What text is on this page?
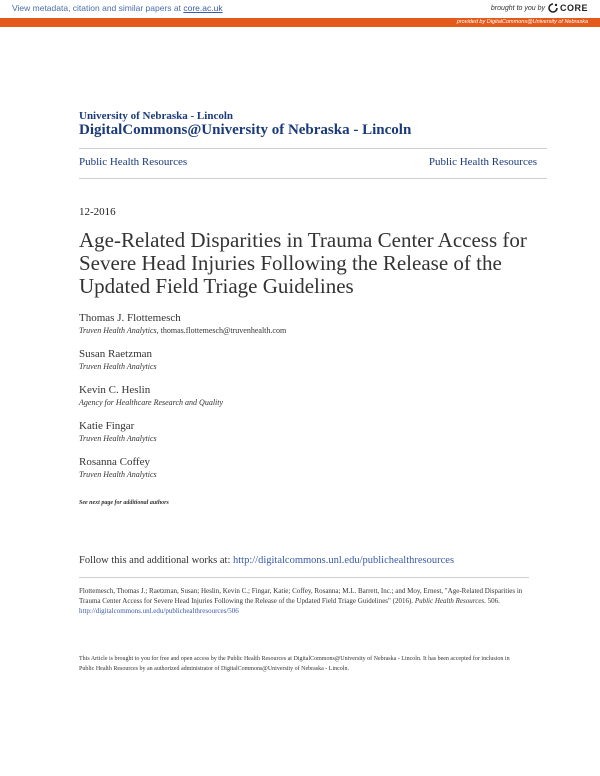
View metadata, citation and similar papers at core.ac.uk	brought to you by CORE
provided by DigitalCommons@University of Nebraska
University of Nebraska - Lincoln
DigitalCommons@University of Nebraska - Lincoln
Public Health Resources	Public Health Resources
12-2016
Age-Related Disparities in Trauma Center Access for Severe Head Injuries Following the Release of the Updated Field Triage Guidelines
Thomas J. Flottemesch
Truven Health Analytics, thomas.flottemesch@truvenhealth.com
Susan Raetzman
Truven Health Analytics
Kevin C. Heslin
Agency for Healthcare Research and Quality
Katie Fingar
Truven Health Analytics
Rosanna Coffey
Truven Health Analytics
See next page for additional authors
Follow this and additional works at: http://digitalcommons.unl.edu/publichealthresources
Flottemesch, Thomas J.; Raetzman, Susan; Heslin, Kevin C.; Fingar, Katie; Coffey, Rosanna; M.L. Barrett, Inc.; and Moy, Ernest, "Age-Related Disparities in Trauma Center Access for Severe Head Injuries Following the Release of the Updated Field Triage Guidelines" (2016). Public Health Resources. 506.
http://digitalcommons.unl.edu/publichealthresources/506
This Article is brought to you for free and open access by the Public Health Resources at DigitalCommons@University of Nebraska - Lincoln. It has been accepted for inclusion in Public Health Resources by an authorized administrator of DigitalCommons@University of Nebraska - Lincoln.
